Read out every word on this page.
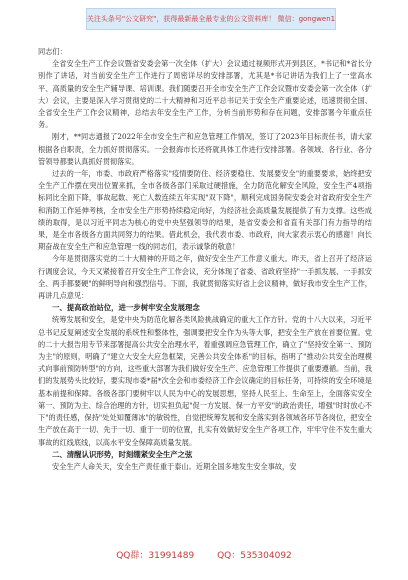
关注头条号"公文研究"，获得最新最全最专业的公文资料库！ 微信：gongwen1

同志们：

全省安全生产工作会议暨省安委会第一次全体（扩大）会议通过视频形式开到县区，*书记和*省长分别作了讲话，对当前安全生产工作进行了周密详尽的安排部署，尤其是*书记讲话为我们上了一堂高水平、高质量的安全生产辅导课、培训课。我们随要召开全市安全生产工作会议暨市安委会第一次全体（扩大）会议，主要是深入学习贯彻党的二十大精神和习近平总书记关于安全生产重要论述，迅速贯彻全国、全省安全生产工作会议精神，总结去年安全生产工作，分析当前形势和存在问题，安排部署今年重点任务。

刚才，**同志通报了2022年全市安全生产和应急管理工作情况，签订了2023年目标责任书，请大家根据各自职责，全力抓好贯彻落实。一会报海市长还将就具体工作进行安排部署。各领域、各行业、各分管领导都要认真抓好贯彻落实。

过去的一年，市委、市政府严格落实"疫情要防住、经济要稳住、发展要安全"的重要要求，始终把安全生产工作摆在突出位置来抓，全市各级各部门采取过硬措施，全力防范化解安全风险，安全生产4项指标同比全面下降，事故起数、死亡人数连续五年实现"双下降"，顺利完成国务院安委会对省政府安全生产和消防工作延伸考核，全市安全生产形势持续稳定向好，为经济社会高质量发展提供了有力支撑。这些成绩的取得，是以习近平同志为核心的党中央坚强领导的结果，是省安委会和省直有关部门有力指导的结果，是全市各级各方面共同努力的结果。借此机会，我代表市委、市政府，向大家表示衷心的感谢！向长期奋战在安全生产和应急管理一线的同志们，表示诚挚的敬意！

今年是贯彻落实党的二十大精神的开局之年，做好安全生产工作意义重大。昨天，省上召开了经济运行调度会议，今天又紧接着召开安全生产工作会议，充分体现了省委、省政府坚持"一手抓发展、一手抓安全、两手都要硬"的鲜明导向和强烈信号。下面，我就贯彻落实好省上会议精神，做好我市安全生产工作，再讲几点意见：

一、提高政治站位，进一步树牢安全发展理念

统筹发展和安全，是党中央为防范化解各类风险挑战确定的重大工作方针。党的十八大以来，习近平总书记反复阐述安全发展的系统性和整体性，强调要把安全作为头等大事，把安全生产放在首要位置。党的二十大报告用专节来部署提高公共安全治理水平，着重强调应急管理工作，确立了"坚持安全第一、预防为主"的原则，明确了"建立大安全大应急框架，完善公共安全体系"的目标，指明了"推动公共安全治理模式向事前预防转型"的方向，这些重大部署为我们做好安全生产、应急管理工作提供了重要遵循。当前，我们的发展势头比较好，要实现市委*届*次全会和市委经济工作会议确定的目标任务，可持续的安全环境是基本前提和保障。各级各部门要树牢以人民为中心的发展思想，坚持人民至上、生命至上，全面落实安全第一、预防为主、综合治理的方针，切实担负起"促一方发展、保一方平安"的政治责任，增强"时时放心不下"的责任感，保持"处处知覆薄冰"的敏锐性，自觉把统筹发展和安全落实到各领域各环节各岗位，把安全生产放在高于一切、先于一切、重于一切的位置，扎实有效做好安全生产各项工作，牢牢守住不发生重大事故的红线底线，以高水平安全保障高质量发展。

二、清醒认识形势，时刻绷紧安全生产之弦

安全生产人命关天，安全生产责任重于泰山。近期全国多地发生安全事故，安

QQ群：31991489	QQ：535304092
